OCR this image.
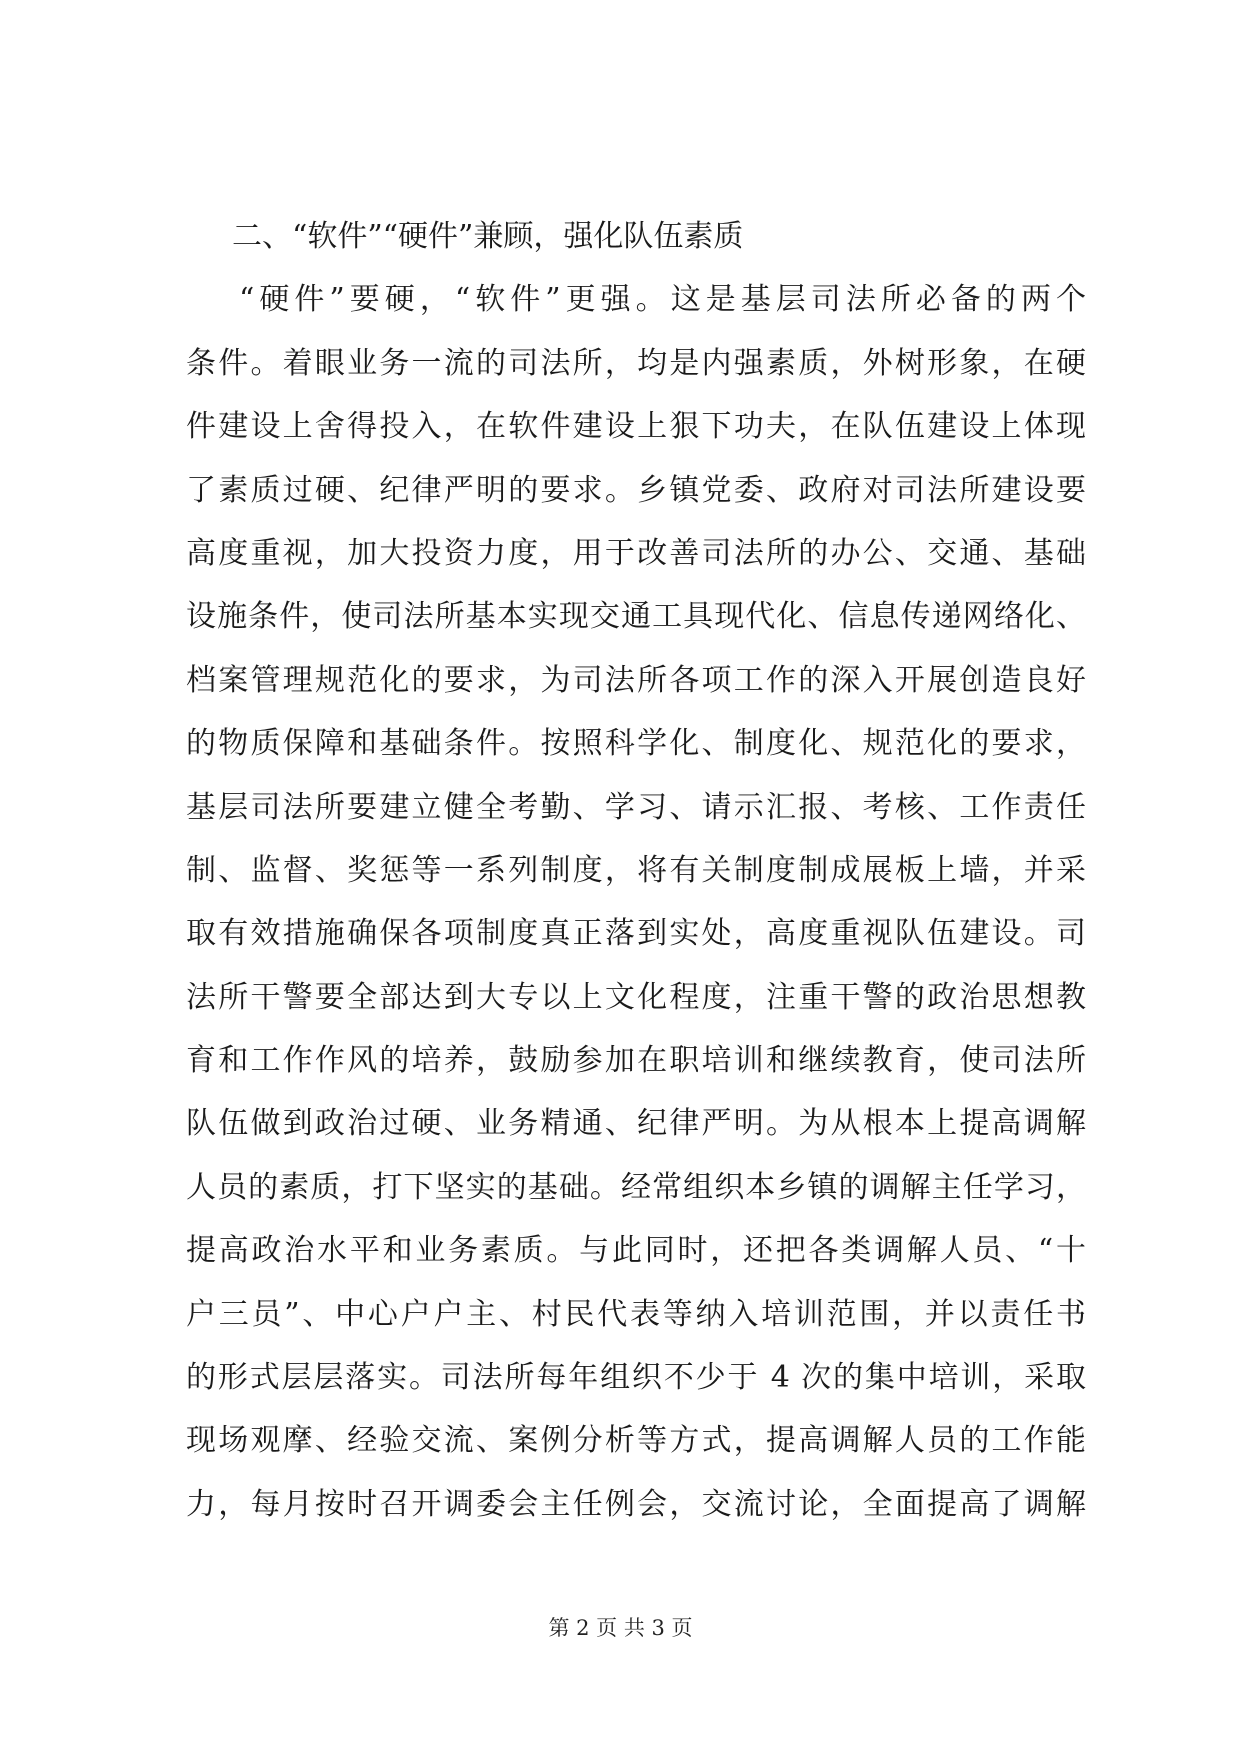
二、“软件”“硬件”兼顾，强化队伍素质
“硬件”要硬，“软件”更强。这是基层司法所必备的两个
条件。着眼业务一流的司法所，均是内强素质，外树形象，在硬
件建设上舍得投入，在软件建设上狠下功夫，在队伍建设上体现
了素质过硬、纪律严明的要求。乡镇党委、政府对司法所建设要
高度重视，加大投资力度，用于改善司法所的办公、交通、基础
设施条件，使司法所基本实现交通工具现代化、信息传递网络化、
档案管理规范化的要求，为司法所各项工作的深入开展创造良好
的物质保障和基础条件。按照科学化、制度化、规范化的要求，
基层司法所要建立健全考勤、学习、请示汇报、考核、工作责任
制、监督、奖惩等一系列制度，将有关制度制成展板上墙，并采
取有效措施确保各项制度真正落到实处，高度重视队伍建设。司
法所干警要全部达到大专以上文化程度，注重干警的政治思想教
育和工作作风的培养，鼓励参加在职培训和继续教育，使司法所
队伍做到政治过硬、业务精通、纪律严明。为从根本上提高调解
人员的素质，打下坚实的基础。经常组织本乡镇的调解主任学习，
提高政治水平和业务素质。与此同时，还把各类调解人员、“十
户三员”、中心户户主、村民代表等纳入培训范围，并以责任书
的形式层层落实。司法所每年组织不少于 4 次的集中培训，采取
现场观摩、经验交流、案例分析等方式，提高调解人员的工作能
力，每月按时召开调委会主任例会，交流讨论，全面提高了调解
第 2 页 共 3 页
